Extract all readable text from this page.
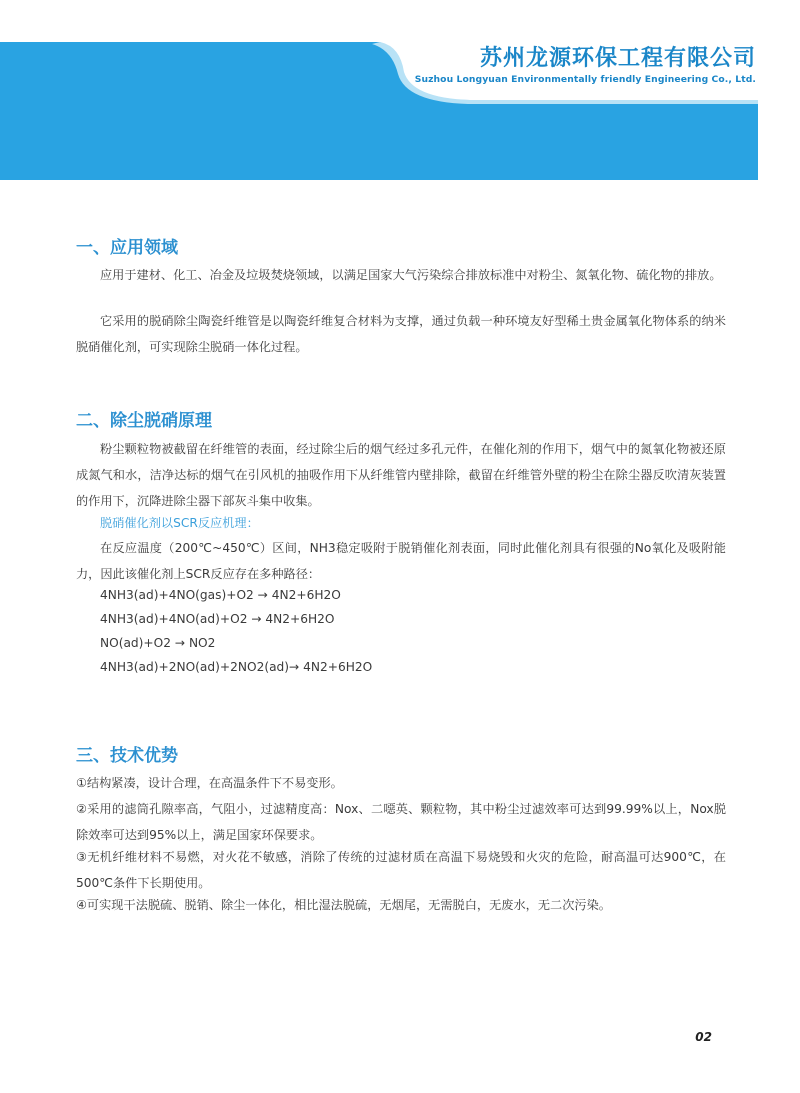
苏州龙源环保工程有限公司
Suzhou Longyuan Environmentally friendly Engineering Co., Ltd.
一、应用领域
应用于建材、化工、冶金及垃圾焚烧领域，以满足国家大气污染综合排放标准中对粉尘、氮氧化物、硫化物的排放。
它采用的脱硝除尘陶瓷纤维管是以陶瓷纤维复合材料为支撑，通过负载一种环境友好型稀土贵金属氧化物体系的纳米脱硝催化剂，可实现除尘脱硝一体化过程。
二、除尘脱硝原理
粉尘颗粒物被截留在纤维管的表面，经过除尘后的烟气经过多孔元件，在催化剂的作用下，烟气中的氮氧化物被还原成氮气和水，洁净达标的烟气在引风机的抽吸作用下从纤维管内壁排除，截留在纤维管外壁的粉尘在除尘器反吹清灰装置的作用下，沉降进除尘器下部灰斗集中收集。
脱硝催化剂以SCR反应机理：
在反应温度（200℃~450℃）区间，NH3稳定吸附于脱销催化剂表面，同时此催化剂具有很强的No氧化及吸附能力，因此该催化剂上SCR反应存在多种路径：
4NH3(ad)+4NO(gas)+O2 → 4N2+6H2O
4NH3(ad)+4NO(ad)+O2 → 4N2+6H2O
NO(ad)+O2 → NO2
4NH3(ad)+2NO(ad)+2NO2(ad)→ 4N2+6H2O
三、技术优势
①结构紧凑，设计合理，在高温条件下不易变形。
②采用的滤筒孔隙率高，气阻小，过滤精度高：Nox、二噁英、颗粒物，其中粉尘过滤效率可达到99.99%以上，Nox脱除效率可达到95%以上，满足国家环保要求。
③无机纤维材料不易燃，对火花不敏感，消除了传统的过滤材质在高温下易烧毁和火灾的危险，耐高温可达900℃，在500℃条件下长期使用。
④可实现干法脱硫、脱销、除尘一体化，相比湿法脱硫，无烟尾，无需脱白，无废水，无二次污染。
02
